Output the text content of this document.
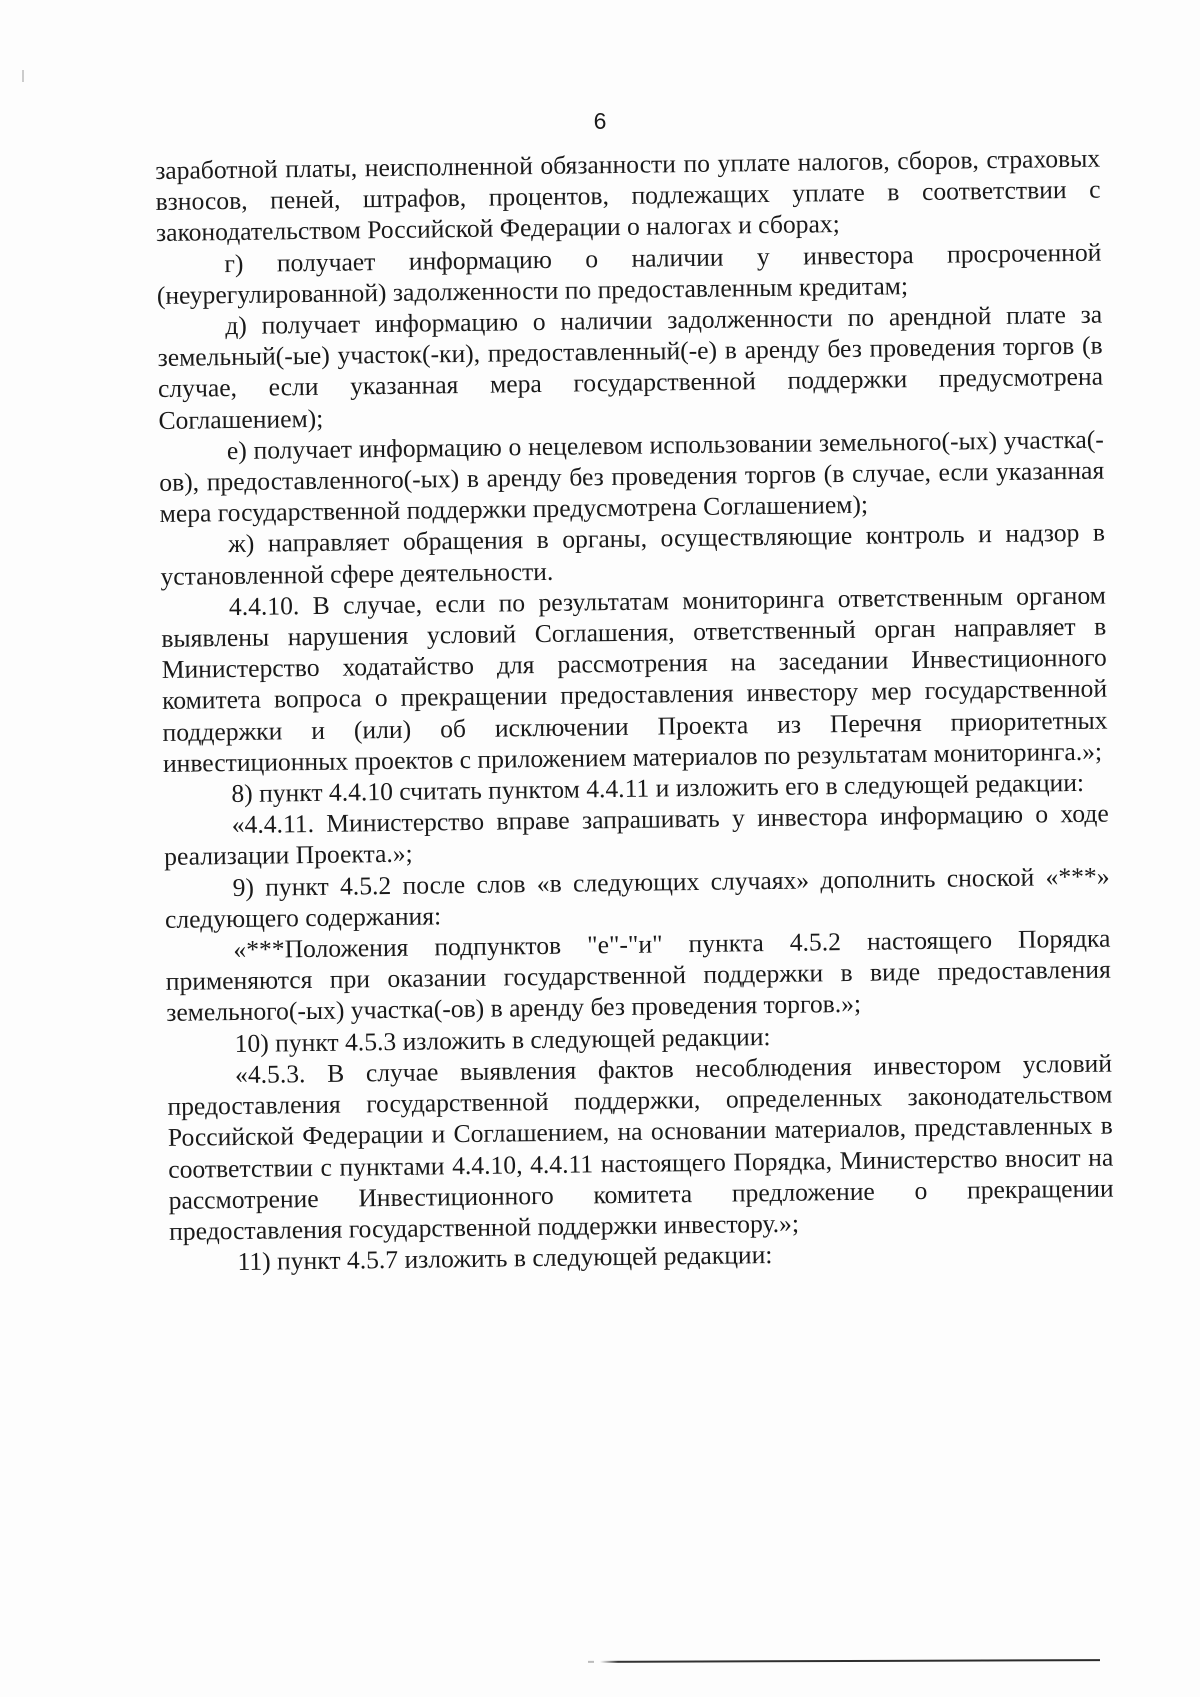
6

заработной платы, неисполненной обязанности по уплате налогов, сборов, страховых взносов, пеней, штрафов, процентов, подлежащих уплате в соответствии с законодательством Российской Федерации о налогах и сборах;

г) получает информацию о наличии у инвестора просроченной (неурегулированной) задолженности по предоставленным кредитам;

д) получает информацию о наличии задолженности по арендной плате за земельный(-ые) участок(-ки), предоставленный(-е) в аренду без проведения торгов (в случае, если указанная мера государственной поддержки предусмотрена Соглашением);

е) получает информацию о нецелевом использовании земельного(-ых) участка(-ов), предоставленного(-ых) в аренду без проведения торгов (в случае, если указанная мера государственной поддержки предусмотрена Соглашением);

ж) направляет обращения в органы, осуществляющие контроль и надзор в установленной сфере деятельности.

4.4.10. В случае, если по результатам мониторинга ответственным органом выявлены нарушения условий Соглашения, ответственный орган направляет в Министерство ходатайство для рассмотрения на заседании Инвестиционного комитета вопроса о прекращении предоставления инвестору мер государственной поддержки и (или) об исключении Проекта из Перечня приоритетных инвестиционных проектов с приложением материалов по результатам мониторинга.»;

8) пункт 4.4.10 считать пунктом 4.4.11 и изложить его в следующей редакции:

«4.4.11. Министерство вправе запрашивать у инвестора информацию о ходе реализации Проекта.»;

9) пункт 4.5.2 после слов «в следующих случаях» дополнить сноской «***» следующего содержания:

«***Положения подпунктов "е"-"и" пункта 4.5.2 настоящего Порядка применяются при оказании государственной поддержки в виде предоставления земельного(-ых) участка(-ов) в аренду без проведения торгов.»;

10) пункт 4.5.3 изложить в следующей редакции:

«4.5.3. В случае выявления фактов несоблюдения инвестором условий предоставления государственной поддержки, определенных законодательством Российской Федерации и Соглашением, на основании материалов, представленных в соответствии с пунктами 4.4.10, 4.4.11 настоящего Порядка, Министерство вносит на рассмотрение Инвестиционного комитета предложение о прекращении предоставления государственной поддержки инвестору.»;

11) пункт 4.5.7 изложить в следующей редакции:
